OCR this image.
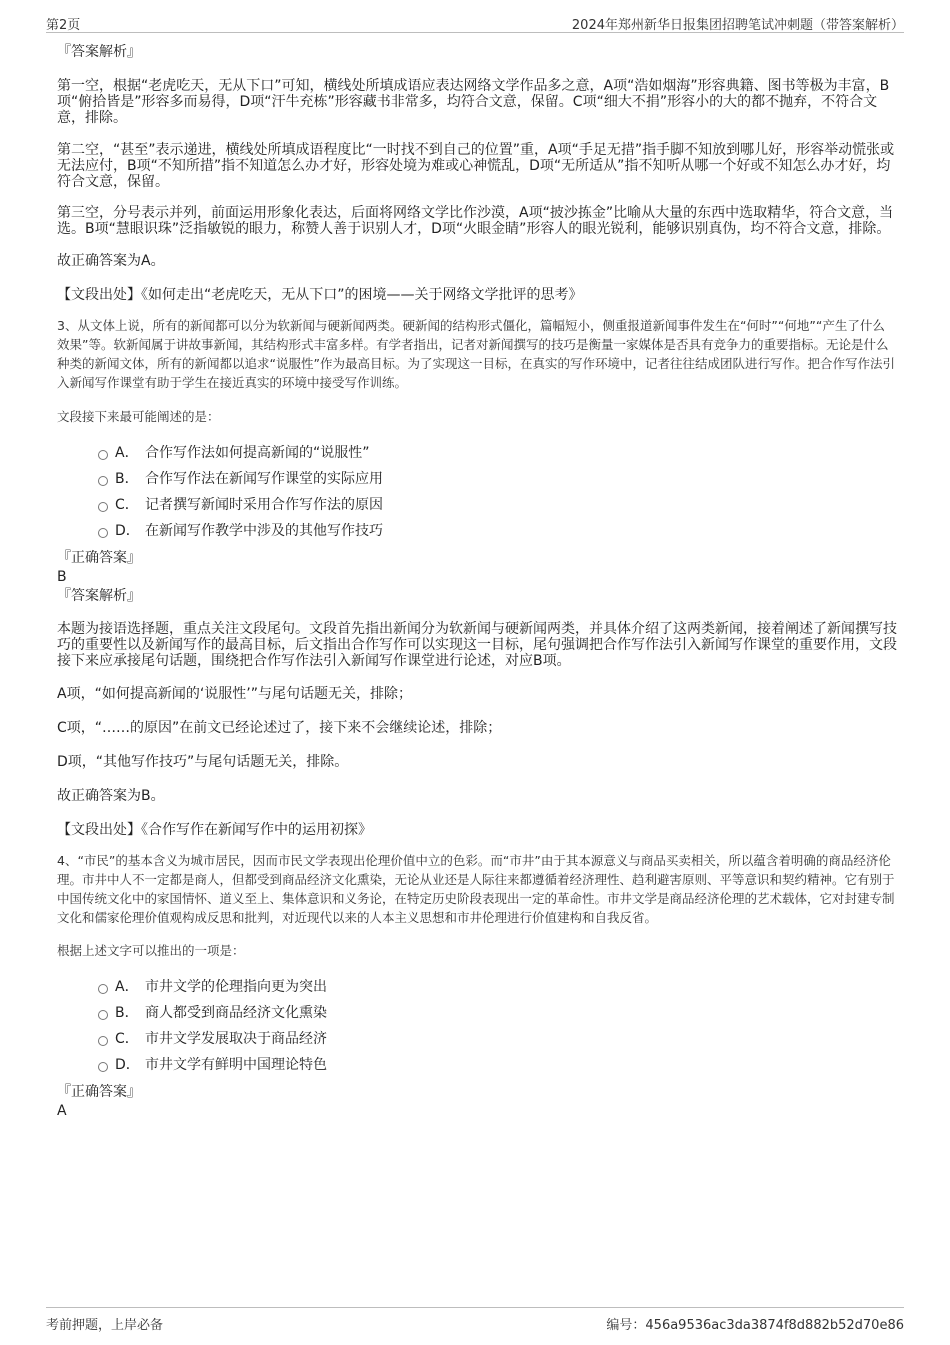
第2页	2024年郑州新华日报集团招聘笔试冲刺题（带答案解析）

『答案解析』

第一空，根据“老虎吃天，无从下口”可知，横线处所填成语应表达网络文学作品多之意，A项“浩如烟海”形容典籍、图书等极为丰富，B项“俯拾皆是”形容多而易得，D项“汗牛充栋”形容藏书非常多，均符合文意，保留。C项“细大不捐”形容小的大的都不抛弃，不符合文意，排除。

第二空，“甚至”表示递进，横线处所填成语程度比“一时找不到自己的位置”重，A项“手足无措”指手脚不知放到哪儿好，形容举动慌张或无法应付，B项“不知所措”指不知道怎么办才好，形容处境为难或心神慌乱，D项“无所适从”指不知听从哪一个好或不知怎么办才好，均符合文意，保留。

第三空，分号表示并列，前面运用形象化表达，后面将网络文学比作沙漠，A项“披沙拣金”比喻从大量的东西中选取精华，符合文意，当选。B项“慧眼识珠”泛指敏锐的眼力，称赞人善于识别人才，D项“火眼金睛”形容人的眼光锐利，能够识别真伪，均不符合文意，排除。

故正确答案为A。

【文段出处】《如何走出“老虎吃天，无从下口”的困境——关于网络文学批评的思考》

3、从文体上说，所有的新闻都可以分为软新闻与硬新闻两类。硬新闻的结构形式僵化，篇幅短小，侧重报道新闻事件发生在“何时”“何地”“产生了什么效果”等。软新闻属于讲故事新闻，其结构形式丰富多样。有学者指出，记者对新闻撰写的技巧是衡量一家媒体是否具有竞争力的重要指标。无论是什么种类的新闻文体，所有的新闻都以追求“说服性”作为最高目标。为了实现这一目标，在真实的写作环境中，记者往往结成团队进行写作。把合作写作法引入新闻写作课堂有助于学生在接近真实的环境中接受写作训练。

文段接下来最可能阐述的是：

A． 合作写作法如何提高新闻的“说服性”
B． 合作写作法在新闻写作课堂的实际应用
C． 记者撰写新闻时采用合作写作法的原因
D． 在新闻写作教学中涉及的其他写作技巧

『正确答案』

B

『答案解析』

本题为接语选择题，重点关注文段尾句。文段首先指出新闻分为软新闻与硬新闻两类，并具体介绍了这两类新闻，接着阐述了新闻撰写技巧的重要性以及新闻写作的最高目标，后文指出合作写作可以实现这一目标，尾句强调把合作写作法引入新闻写作课堂的重要作用，文段接下来应承接尾句话题，围绕把合作写作法引入新闻写作课堂进行论述，对应B项。

A项，“如何提高新闻的‘说服性’”与尾句话题无关，排除；

C项，“……的原因”在前文已经论述过了，接下来不会继续论述，排除；

D项，“其他写作技巧”与尾句话题无关，排除。

故正确答案为B。

【文段出处】《合作写作在新闻写作中的运用初探》

4、“市民”的基本含义为城市居民，因而市民文学表现出伦理价值中立的色彩。而“市井”由于其本源意义与商品买卖相关，所以蕴含着明确的商品经济伦理。市井中人不一定都是商人，但都受到商品经济文化熏染，无论从业还是人际往来都遵循着经济理性、趋利避害原则、平等意识和契约精神。它有别于中国传统文化中的家国情怀、道义至上、集体意识和义务论，在特定历史阶段表现出一定的革命性。市井文学是商品经济伦理的艺术载体，它对封建专制文化和儒家伦理价值观构成反思和批判，对近现代以来的人本主义思想和市井伦理进行价值建构和自我反省。

根据上述文字可以推出的一项是：

A． 市井文学的伦理指向更为突出
B． 商人都受到商品经济文化熏染
C． 市井文学发展取决于商品经济
D． 市井文学有鲜明中国理论特色

『正确答案』

A

考前押题，上岸必备	编号：456a9536ac3da3874f8d882b52d70e86
